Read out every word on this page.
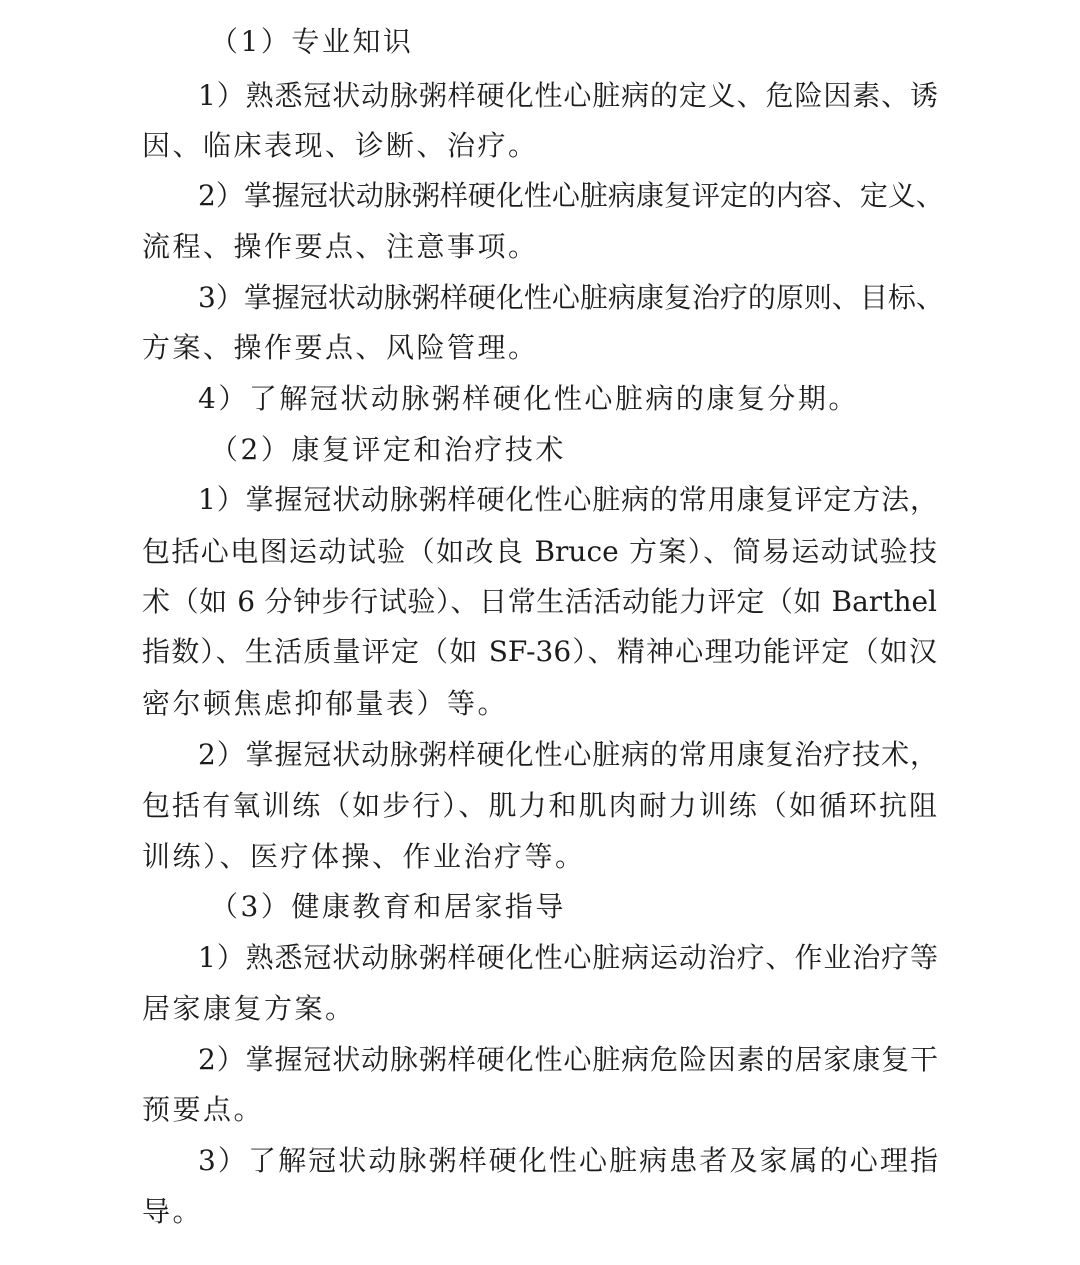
（1）专业知识
1）熟悉冠状动脉粥样硬化性心脏病的定义、危险因素、诱
因、临床表现、诊断、治疗。
2）掌握冠状动脉粥样硬化性心脏病康复评定的内容、定义、
流程、操作要点、注意事项。
3）掌握冠状动脉粥样硬化性心脏病康复治疗的原则、目标、
方案、操作要点、风险管理。
4）了解冠状动脉粥样硬化性心脏病的康复分期。
（2）康复评定和治疗技术
1）掌握冠状动脉粥样硬化性心脏病的常用康复评定方法，
包括心电图运动试验（如改良 Bruce 方案）、简易运动试验技
术（如 6 分钟步行试验）、日常生活活动能力评定（如 Barthel
指数）、生活质量评定（如 SF-36）、精神心理功能评定（如汉
密尔顿焦虑抑郁量表）等。
2）掌握冠状动脉粥样硬化性心脏病的常用康复治疗技术，
包括有氧训练（如步行）、肌力和肌肉耐力训练（如循环抗阻
训练）、医疗体操、作业治疗等。
（3）健康教育和居家指导
1）熟悉冠状动脉粥样硬化性心脏病运动治疗、作业治疗等
居家康复方案。
2）掌握冠状动脉粥样硬化性心脏病危险因素的居家康复干
预要点。
3）了解冠状动脉粥样硬化性心脏病患者及家属的心理指
导。
